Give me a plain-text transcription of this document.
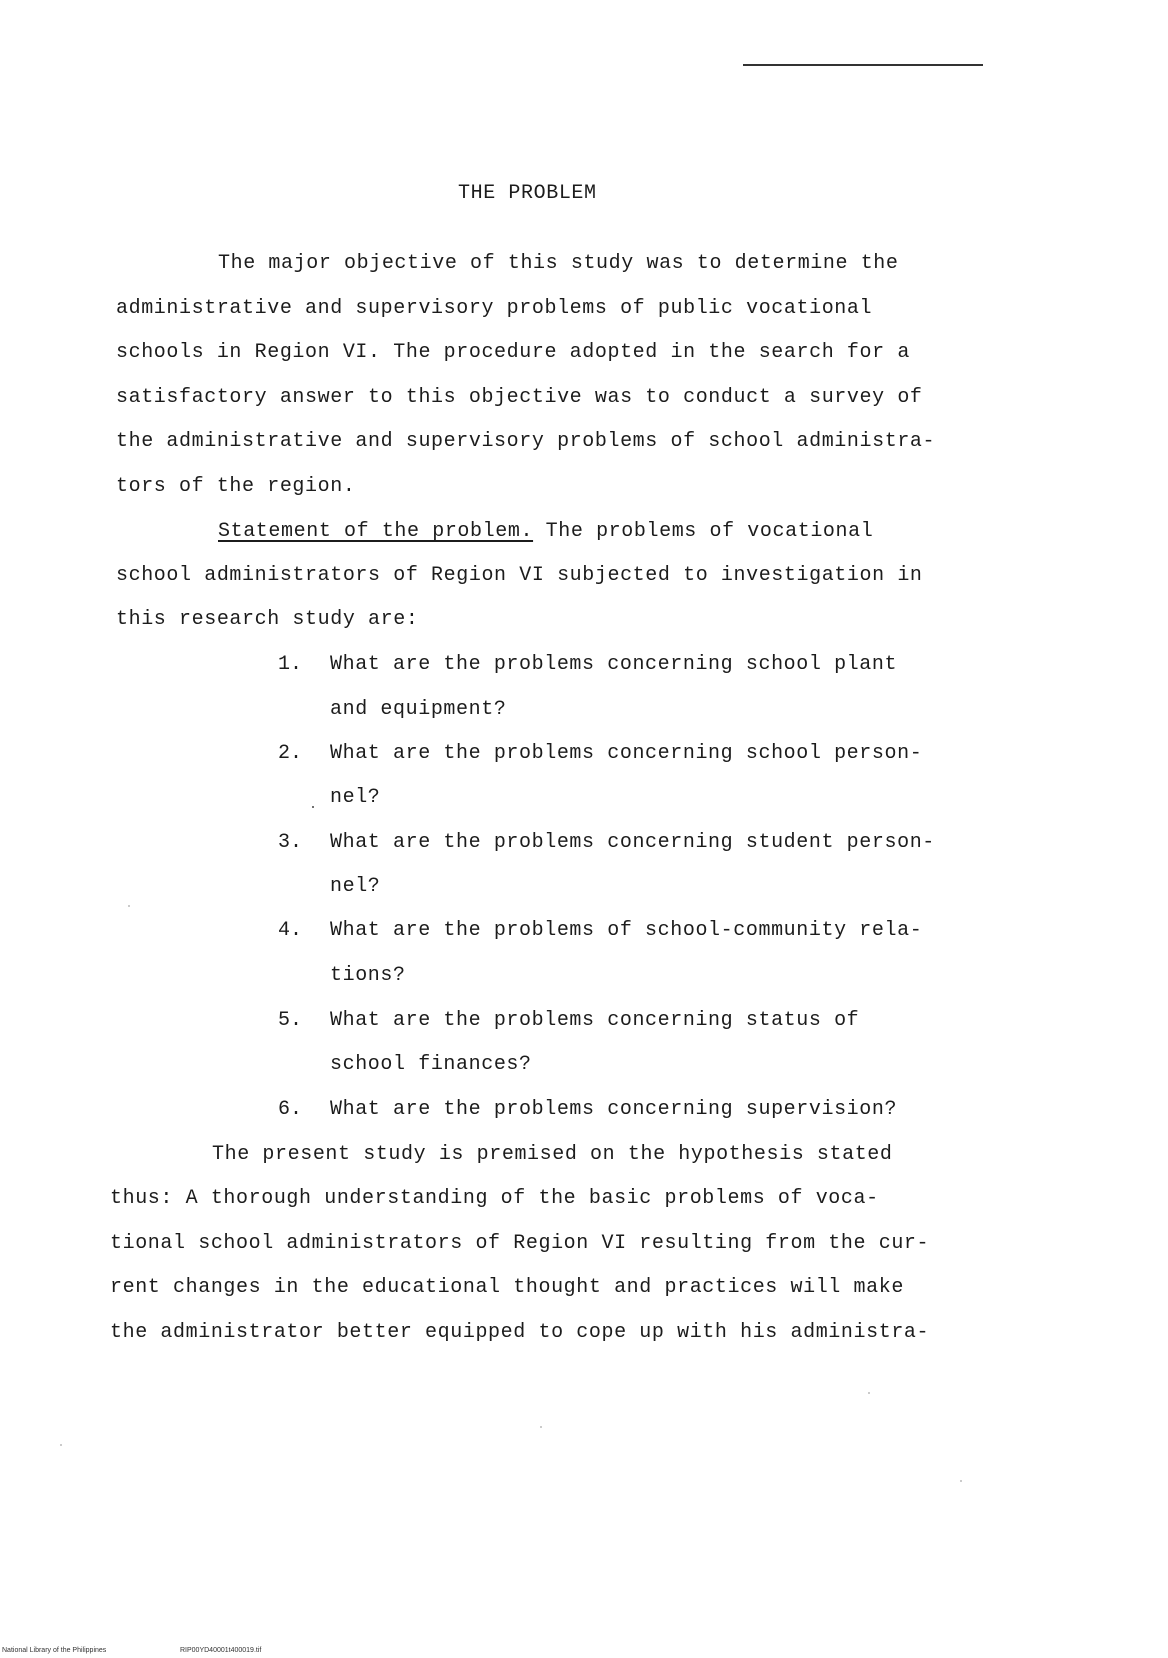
THE PROBLEM
The major objective of this study was to determine the
administrative and supervisory problems of public vocational
schools in Region VI. The procedure adopted in the search for a
satisfactory answer to this objective was to conduct a survey of
the administrative and supervisory problems of school administra-
tors of the region.
Statement of the problem. The problems of vocational
school administrators of Region VI subjected to investigation in
this research study are:
1. What are the problems concerning school plant
and equipment?
2. What are the problems concerning school person-
nel?
3. What are the problems concerning student person-
nel?
4. What are the problems of school-community rela-
tions?
5. What are the problems concerning status of
school finances?
6. What are the problems concerning supervision?
The present study is premised on the hypothesis stated
thus: A thorough understanding of the basic problems of voca-
tional school administrators of Region VI resulting from the cur-
rent changes in the educational thought and practices will make
the administrator better equipped to cope up with his administra-
National Library of the Philippines	RIP00YD40001t400019.tif
